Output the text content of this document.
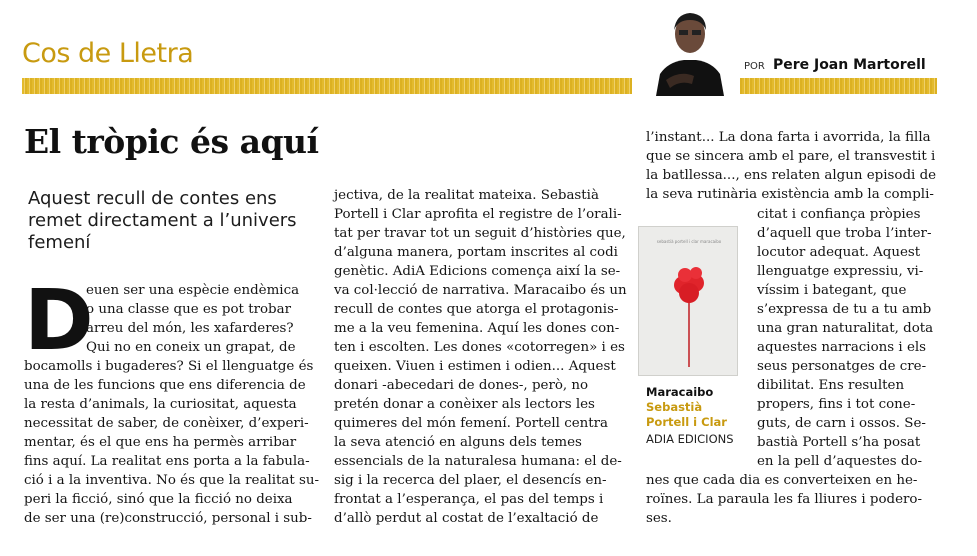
Cos de Lletra	POR Pere Joan Martorell
El tròpic és aquí
Aquest recull de contes ens
remet directament a l’univers
femení
D
euen ser una espècie endèmica
o una classe que es pot trobar
arreu del món, les xafarderes?
Qui no en coneix un grapat, de
bocamolls i bugaderes? Si el llenguatge és
una de les funcions que ens diferencia de
la resta d’animals, la curiositat, aquesta
necessitat de saber, de conèixer, d’experi-
mentar, és el que ens ha permès arribar
fins aquí. La realitat ens porta a la fabula-
ció i a la inventiva. No és que la realitat su-
peri la ficció, sinó que la ficció no deixa
de ser una (re)construcció, personal i sub-
jectiva, de la realitat mateixa. Sebastià
Portell i Clar aprofita el registre de l’orali-
tat per travar tot un seguit d’històries que,
d’alguna manera, portam inscrites al codi
genètic. AdiA Edicions comença així la se-
va col·lecció de narrativa. Maracaibo és un
recull de contes que atorga el protagonis-
me a la veu femenina. Aquí les dones con-
ten i escolten. Les dones «cotorregen» i es
queixen. Viuen i estimen i odien... Aquest
donari -abecedari de dones-, però, no
pretén donar a conèixer als lectors les
quimeres del món femení. Portell centra
la seva atenció en alguns dels temes
essencials de la naturalesa humana: el de-
sig i la recerca del plaer, el desencís en-
frontat a l’esperança, el pas del temps i
d’allò perdut al costat de l’exaltació de
l’instant... La dona farta i avorrida, la filla
que se sincera amb el pare, el transvestit i
la batllessa..., ens relaten algun episodi de
la seva rutinària existència amb la compli-
sebastià portell i clar maracaibo
citat i confiança pròpies
d’aquell que troba l’inter-
locutor adequat. Aquest
llenguatge expressiu, vi-
víssim i bategant, que
s’expressa de tu a tu amb
una gran naturalitat, dota
aquestes narracions i els
seus personatges de cre-
dibilitat. Ens resulten
propers, fins i tot cone-
guts, de carn i ossos. Se-
bastià Portell s’ha posat
en la pell d’aquestes do-
Maracaibo
Sebastià
Portell i Clar
ADIA EDICIONS
nes que cada dia es converteixen en he-
roïnes. La paraula les fa lliures i podero-
ses.
